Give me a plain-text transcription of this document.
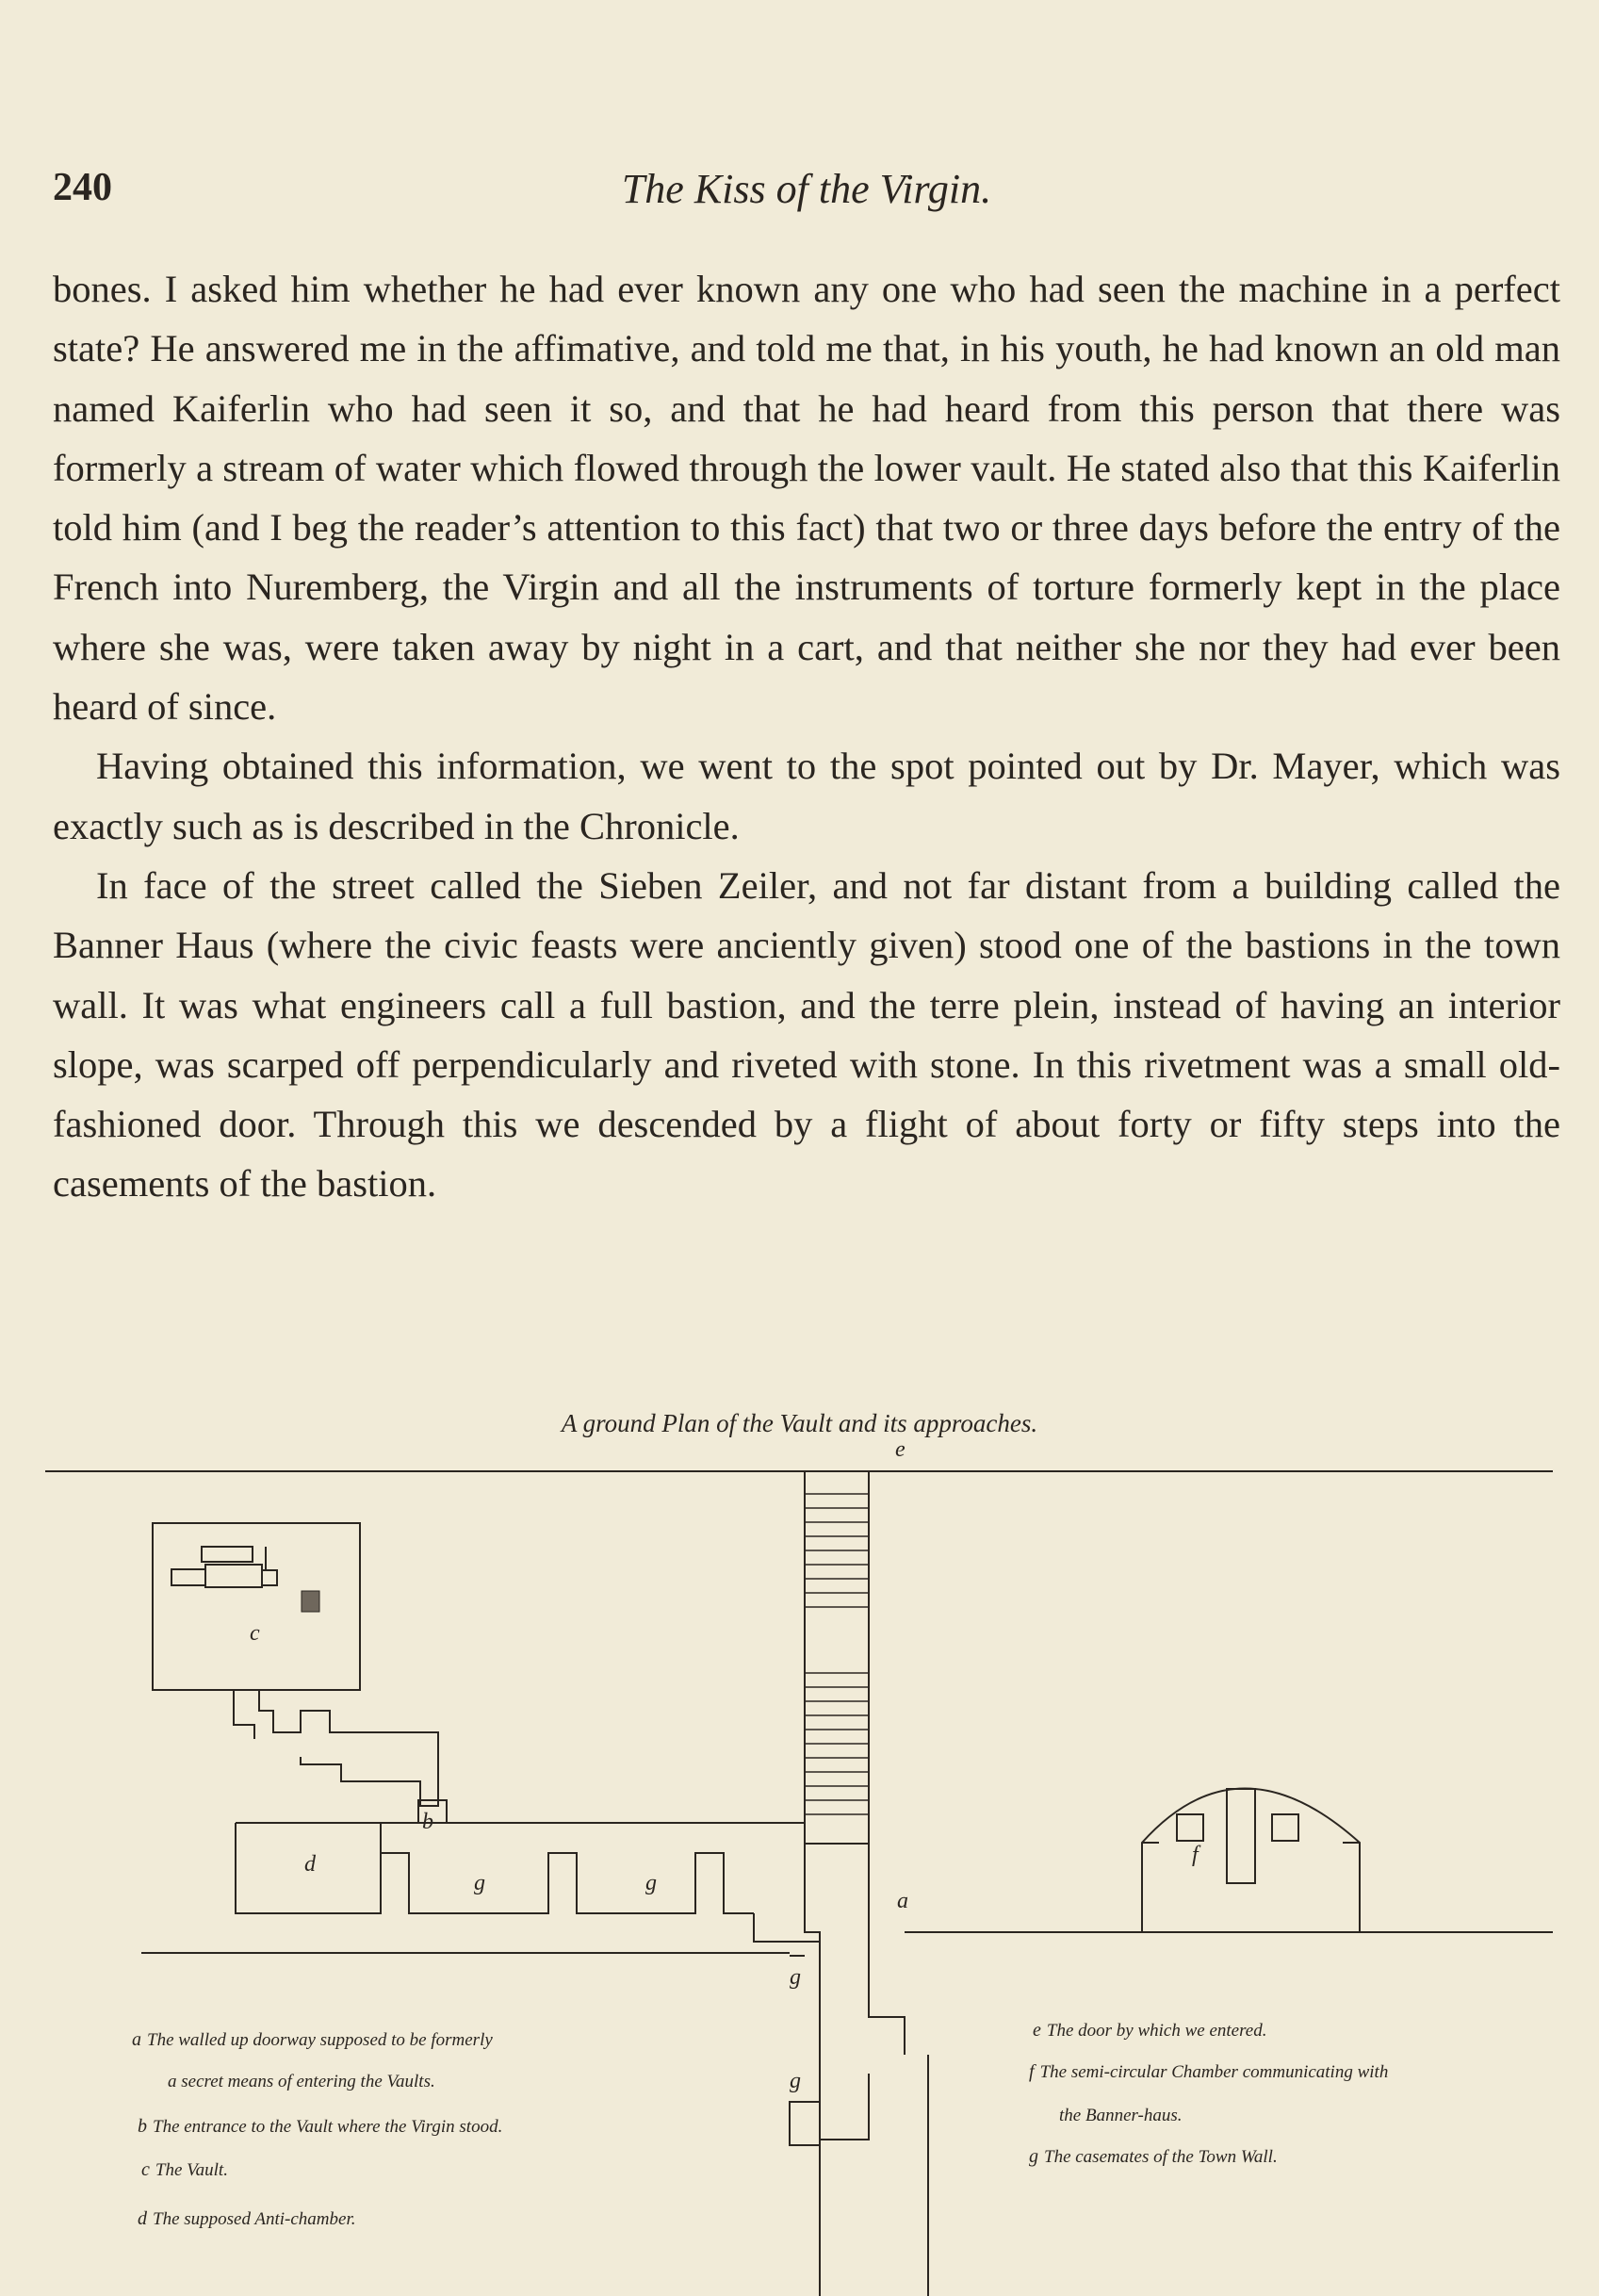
240	The Kiss of the Virgin.

bones. I asked him whether he had ever known any one who had seen the machine in a perfect state? He answered me in the affimative, and told me that, in his youth, he had known an old man named Kaiferlin who had seen it so, and that he had heard from this person that there was formerly a stream of water which flowed through the lower vault. He stated also that this Kaiferlin told him (and I beg the reader’s attention to this fact) that two or three days before the entry of the French into Nuremberg, the Virgin and all the instruments of torture formerly kept in the place where she was, were taken away by night in a cart, and that neither she nor they had ever been heard of since.

Having obtained this information, we went to the spot pointed out by Dr. Mayer, which was exactly such as is described in the Chronicle.

In face of the street called the Sieben Zeiler, and not far distant from a building called the Banner Haus (where the civic feasts were anciently given) stood one of the bastions in the town wall. It was what engineers call a full bastion, and the terre plein, instead of having an interior slope, was scarped off perpendicularly and riveted with stone. In this rivetment was a small old-fashioned door. Through this we descended by a flight of about forty or fifty steps into the casements of the bastion.

A ground Plan of the Vault and its approaches.
e
c
b
d
g	g
a
g
g
f
a The walled up doorway supposed to be formerly
a secret means of entering the Vaults.
b The entrance to the Vault where the Virgin stood.
c The Vault.
d The supposed Anti-chamber.
e The door by which we entered.
f The semi-circular Chamber communicating with
the Banner-haus.
g The casemates of the Town Wall.
